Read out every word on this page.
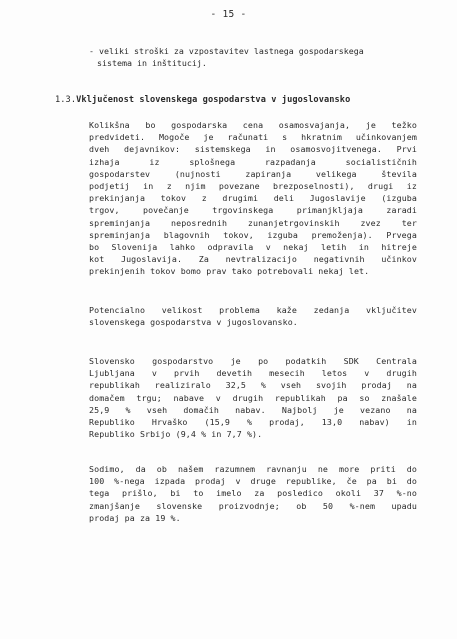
- 15 -
- veliki stroški za vzpostavitev lastnega gospodarskega
sistema in inštitucij.
1.3.Vključenost slovenskega gospodarstva v jugoslovansko
Kolikšna bo gospodarska cena osamosvajanja, je težko
predvideti. Mogoče je računati s hkratnim učinkovanjem
dveh dejavnikov: sistemskega in osamosvojitvenega. Prvi
izhaja	iz	splošnega	razpadanja	socialističnih
gospodarstev	(nujnosti	zapiranja	velikega	števila
podjetij in z njim povezane brezposelnosti), drugi iz
prekinjanja tokov z drugimi deli Jugoslavije (izguba
trgov,	povečanje	trgovinskega	primanjkljaja	zaradi
spreminjanja	neposrednih	zunanjetrgovinskih	zvez	ter
spreminjanja blagovnih tokov, izguba premoženja). Prvega
bo Slovenija lahko odpravila v nekaj letih in hitreje
kot Jugoslavija. Za nevtralizacijo negativnih učinkov
prekinjenih tokov bomo prav tako potrebovali nekaj let.
Potencialno velikost problema kaže zedanja vključitev
slovenskega gospodarstva v jugoslovansko.
Slovensko gospodarstvo je po podatkih SDK Centrala
Ljubljana v prvih devetih mesecih letos v drugih
republikah realiziralo 32,5 % vseh svojih prodaj na
domačem trgu; nabave v drugih republikah pa so znašale
25,9 % vseh domačih nabav. Najbolj je vezano na
Republiko Hrvaško (15,9 % prodaj, 13,0 nabav) in
Republiko Srbijo (9,4 % in 7,7 %).
Sodimo, da ob našem razumnem ravnanju ne more priti do
100 %-nega izpada prodaj v druge republike, če pa bi do
tega prišlo, bi to imelo za posledico okoli 37 %-no
zmanjšanje slovenske proizvodnje; ob 50 %-nem upadu
prodaj pa za 19 %.
